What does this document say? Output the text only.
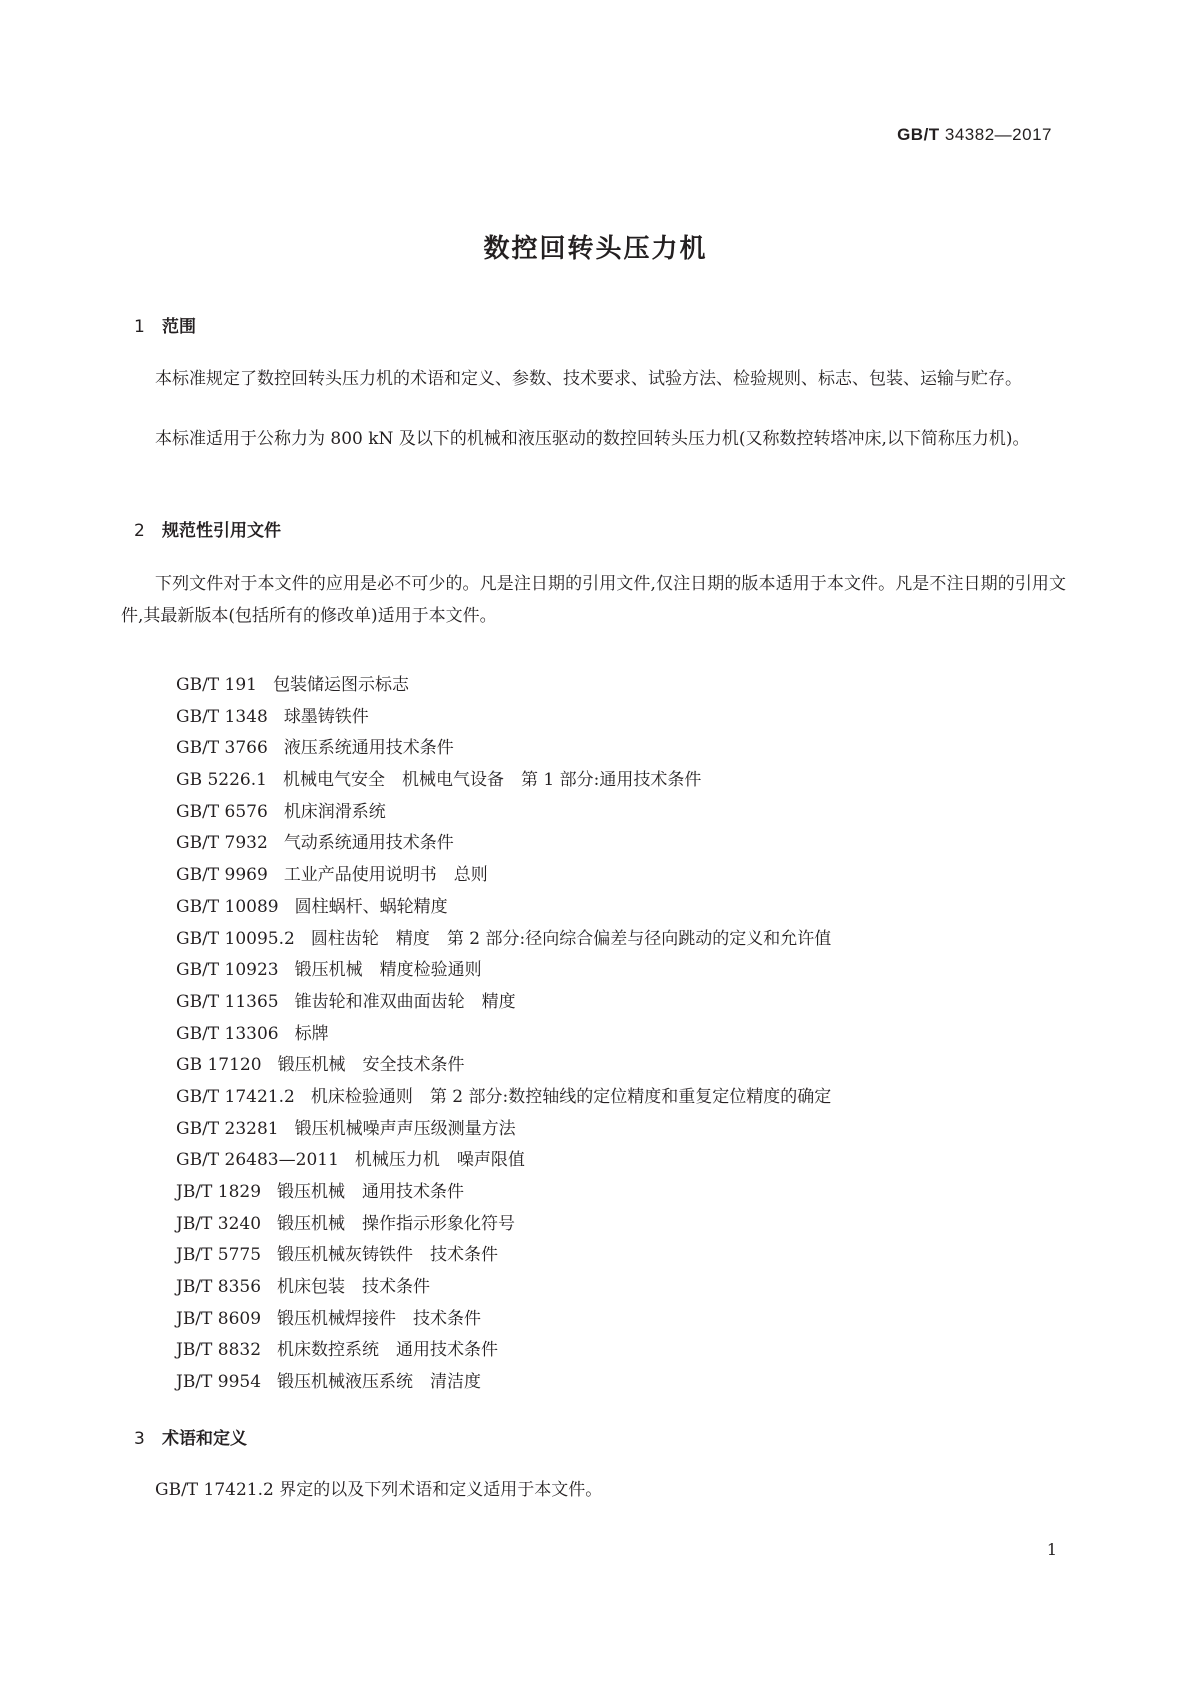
GB/T 34382—2017
数控回转头压力机
1 范围

本标准规定了数控回转头压力机的术语和定义、参数、技术要求、试验方法、检验规则、标志、包装、运输与贮存。

本标准适用于公称力为 800 kN 及以下的机械和液压驱动的数控回转头压力机(又称数控转塔冲床,以下简称压力机)。

2 规范性引用文件

下列文件对于本文件的应用是必不可少的。凡是注日期的引用文件,仅注日期的版本适用于本文件。凡是不注日期的引用文件,其最新版本(包括所有的修改单)适用于本文件。

GB/T 191 包装储运图示标志
GB/T 1348 球墨铸铁件
GB/T 3766 液压系统通用技术条件
GB 5226.1 机械电气安全　机械电气设备　第 1 部分:通用技术条件
GB/T 6576 机床润滑系统
GB/T 7932 气动系统通用技术条件
GB/T 9969 工业产品使用说明书　总则
GB/T 10089 圆柱蜗杆、蜗轮精度
GB/T 10095.2 圆柱齿轮　精度　第 2 部分:径向综合偏差与径向跳动的定义和允许值
GB/T 10923 锻压机械　精度检验通则
GB/T 11365 锥齿轮和准双曲面齿轮　精度
GB/T 13306 标牌
GB 17120 锻压机械　安全技术条件
GB/T 17421.2 机床检验通则　第 2 部分:数控轴线的定位精度和重复定位精度的确定
GB/T 23281 锻压机械噪声声压级测量方法
GB/T 26483—2011 机械压力机　噪声限值
JB/T 1829 锻压机械　通用技术条件
JB/T 3240 锻压机械　操作指示形象化符号
JB/T 5775 锻压机械灰铸铁件　技术条件
JB/T 8356 机床包装　技术条件
JB/T 8609 锻压机械焊接件　技术条件
JB/T 8832 机床数控系统　通用技术条件
JB/T 9954 锻压机械液压系统　清洁度
3 术语和定义

GB/T 17421.2 界定的以及下列术语和定义适用于本文件。

1
